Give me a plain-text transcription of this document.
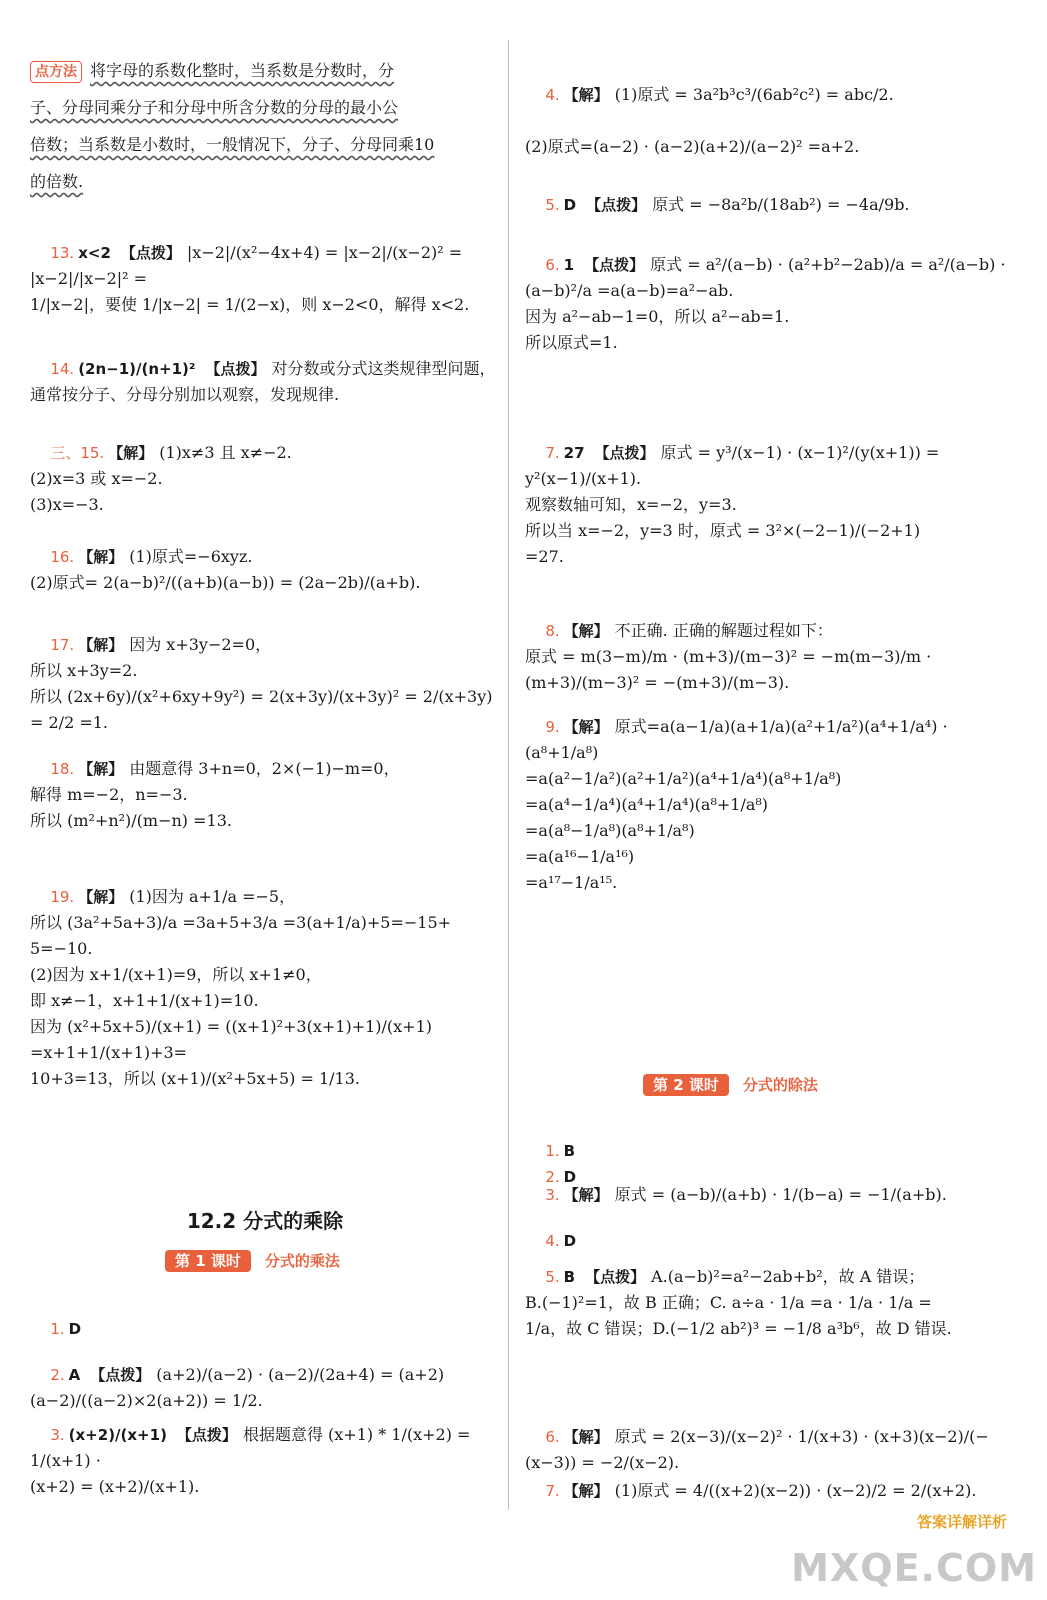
点方法 将字母的系数化整时，当系数是分数时，分
子、分母同乘分子和分母中所含分数的分母的最小公
倍数；当系数是小数时，一般情况下，分子、分母同乘10
的倍数.

13. x<2 【点拨】 |x−2|/(x²−4x+4) = |x−2|/(x−2)² = |x−2|/|x−2|² =
1/|x−2|，要使 1/|x−2| = 1/(2−x)，则 x−2<0，解得 x<2.

14. (2n−1)/(n+1)² 【点拨】 对分数或分式这类规律型问题，
通常按分子、分母分别加以观察，发现规律.

三、15. 【解】 (1)x≠3 且 x≠−2.
(2)x=3 或 x=−2.
(3)x=−3.

16. 【解】 (1)原式=−6xyz.
(2)原式= 2(a−b)²/((a+b)(a−b)) = (2a−2b)/(a+b).

17. 【解】 因为 x+3y−2=0，
所以 x+3y=2.
所以 (2x+6y)/(x²+6xy+9y²) = 2(x+3y)/(x+3y)² = 2/(x+3y) = 2/2 =1.

18. 【解】 由题意得 3+n=0，2×(−1)−m=0，
解得 m=−2，n=−3.
所以 (m²+n²)/(m−n) =13.

19. 【解】 (1)因为 a+1/a =−5，
所以 (3a²+5a+3)/a =3a+5+3/a =3(a+1/a)+5=−15+
5=−10.
(2)因为 x+1/(x+1)=9，所以 x+1≠0，
即 x≠−1，x+1+1/(x+1)=10.
因为 (x²+5x+5)/(x+1) = ((x+1)²+3(x+1)+1)/(x+1) =x+1+1/(x+1)+3=
10+3=13，所以 (x+1)/(x²+5x+5) = 1/13.

12.2 分式的乘除
第 1 课时 分式的乘法

1. D

2. A 【点拨】 (a+2)/(a−2) · (a−2)/(2a+4) = (a+2)(a−2)/((a−2)×2(a+2)) = 1/2.

3. (x+2)/(x+1) 【点拨】 根据题意得 (x+1) * 1/(x+2) = 1/(x+1) ·
(x+2) = (x+2)/(x+1).

4. 【解】 (1)原式 = 3a²b³c³/(6ab²c²) = abc/2.

(2)原式=(a−2) · (a−2)(a+2)/(a−2)² =a+2.

5. D 【点拨】 原式 = −8a²b/(18ab²) = −4a/9b.

6. 1 【点拨】 原式 = a²/(a−b) · (a²+b²−2ab)/a = a²/(a−b) ·
(a−b)²/a =a(a−b)=a²−ab.
因为 a²−ab−1=0，所以 a²−ab=1.
所以原式=1.

7. 27 【点拨】 原式 = y³/(x−1) · (x−1)²/(y(x+1)) = y²(x−1)/(x+1).
观察数轴可知，x=−2，y=3.
所以当 x=−2，y=3 时，原式 = 3²×(−2−1)/(−2+1)
=27.

8. 【解】 不正确. 正确的解题过程如下：
原式 = m(3−m)/m · (m+3)/(m−3)² = −m(m−3)/m · (m+3)/(m−3)² = −(m+3)/(m−3).

9. 【解】 原式=a(a−1/a)(a+1/a)(a²+1/a²)(a⁴+1/a⁴) ·
(a⁸+1/a⁸)
=a(a²−1/a²)(a²+1/a²)(a⁴+1/a⁴)(a⁸+1/a⁸)
=a(a⁴−1/a⁴)(a⁴+1/a⁴)(a⁸+1/a⁸)
=a(a⁸−1/a⁸)(a⁸+1/a⁸)
=a(a¹⁶−1/a¹⁶)
=a¹⁷−1/a¹⁵.

第 2 课时 分式的除法

1. B
2. D

3. 【解】 原式 = (a−b)/(a+b) · 1/(b−a) = −1/(a+b).

4. D

5. B 【点拨】 A.(a−b)²=a²−2ab+b²，故 A 错误；
B.(−1)²=1，故 B 正确；C. a÷a · 1/a =a · 1/a · 1/a =
1/a，故 C 错误；D.(−1/2 ab²)³ = −1/8 a³b⁶，故 D 错误.

6. 【解】 原式 = 2(x−3)/(x−2)² · 1/(x+3) · (x+3)(x−2)/(−(x−3)) = −2/(x−2).

7. 【解】 (1)原式 = 4/((x+2)(x−2)) · (x−2)/2 = 2/(x+2).

答案详解详析
MXQE.COM
